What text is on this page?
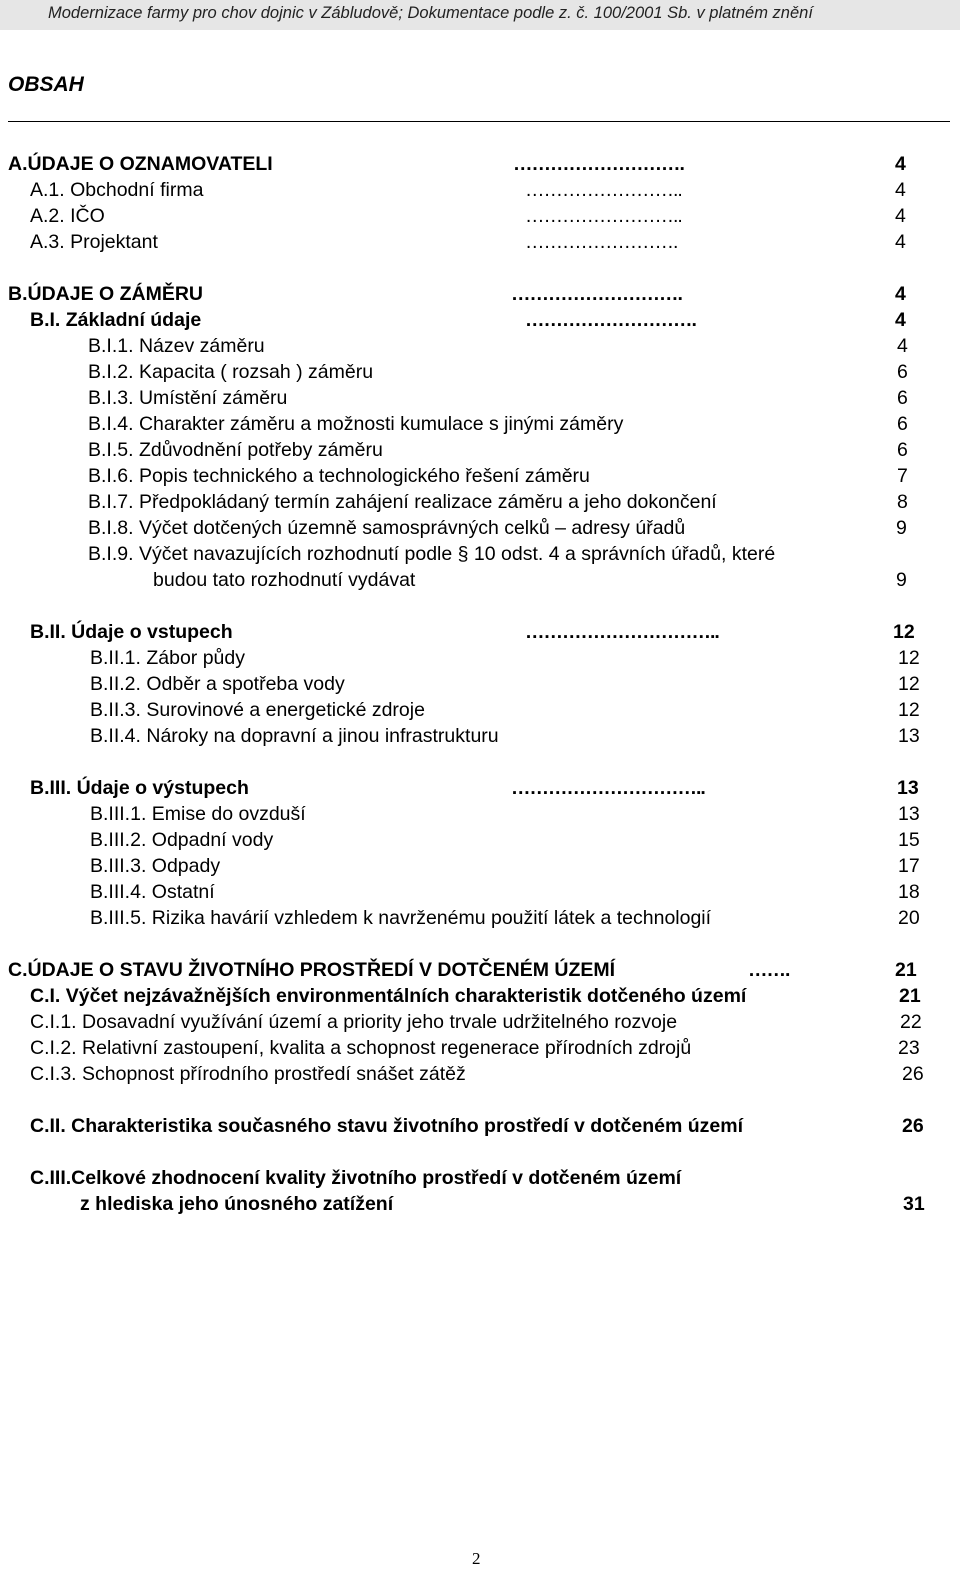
Modernizace farmy pro chov dojnic v Zábludově; Dokumentace podle z. č. 100/2001 Sb. v platném znění
OBSAH
A.ÚDAJE O OZNAMOVATELI	……………………….	4
A.1. Obchodní firma	……………………..	4
A.2. IČO	……………………..	4
A.3. Projektant	…………………….	4
B.ÚDAJE O ZÁMĚRU	……………………….	4
B.I. Základní údaje	……………………….	4
B.I.1. Název záměru	4
B.I.2. Kapacita ( rozsah ) záměru	6
B.I.3. Umístění záměru	6
B.I.4. Charakter záměru a možnosti kumulace s jinými záměry	6
B.I.5. Zdůvodnění potřeby záměru	6
B.I.6. Popis technického a technologického řešení záměru	7
B.I.7. Předpokládaný termín zahájení realizace záměru a jeho dokončení	8
B.I.8. Výčet dotčených územně samosprávných celků – adresy úřadů	9
B.I.9. Výčet navazujících rozhodnutí podle § 10 odst. 4 a správních úřadů, které
budou tato rozhodnutí vydávat	9
B.II. Údaje o vstupech	…………………………..	12
B.II.1. Zábor půdy	12
B.II.2. Odběr a spotřeba vody	12
B.II.3. Surovinové a energetické zdroje	12
B.II.4. Nároky na dopravní a jinou infrastrukturu	13
B.III. Údaje o výstupech	…………………………..	13
B.III.1. Emise do ovzduší	13
B.III.2. Odpadní vody	15
B.III.3. Odpady	17
B.III.4. Ostatní	18
B.III.5. Rizika havárií vzhledem k navrženému použití látek a technologií	20
C.ÚDAJE O STAVU ŽIVOTNÍHO PROSTŘEDÍ V DOTČENÉM ÚZEMÍ	…….	21
C.I. Výčet nejzávažnějších environmentálních charakteristik dotčeného území	21
C.I.1. Dosavadní využívání území a priority jeho trvale udržitelného rozvoje	22
C.I.2. Relativní zastoupení, kvalita a schopnost regenerace přírodních zdrojů	23
C.I.3. Schopnost přírodního prostředí snášet zátěž	26
C.II. Charakteristika současného stavu životního prostředí v dotčeném území	26
C.III.Celkové zhodnocení kvality životního prostředí v dotčeném území
z hlediska jeho únosného zatížení	31
2
